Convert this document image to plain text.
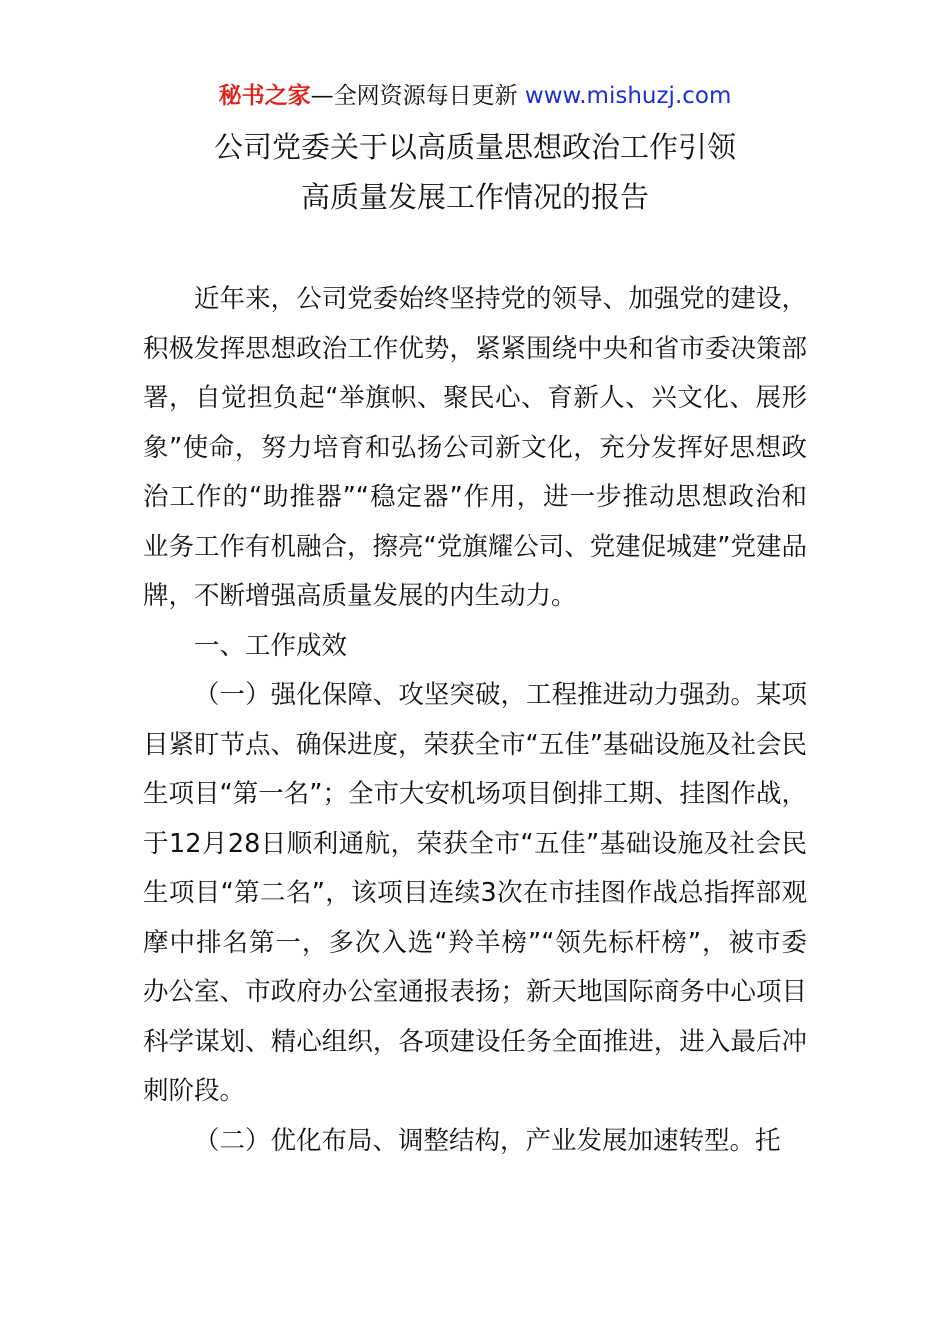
秘书之家—全网资源每日更新 www.mishuzj.com
公司党委关于以高质量思想政治工作引领
高质量发展工作情况的报告

近年来，公司党委始终坚持党的领导、加强党的建设，积极发挥思想政治工作优势，紧紧围绕中央和省市委决策部署，自觉担负起“举旗帜、聚民心、育新人、兴文化、展形象”使命，努力培育和弘扬公司新文化，充分发挥好思想政治工作的“助推器”“稳定器”作用，进一步推动思想政治和业务工作有机融合，擦亮“党旗耀公司、党建促城建”党建品牌，不断增强高质量发展的内生动力。

一、工作成效

（一）强化保障、攻坚突破，工程推进动力强劲。某项目紧盯节点、确保进度，荣获全市“五佳”基础设施及社会民生项目“第一名”；全市大安机场项目倒排工期、挂图作战，于12月28日顺利通航，荣获全市“五佳”基础设施及社会民生项目“第二名”，该项目连续3次在市挂图作战总指挥部观摩中排名第一，多次入选“羚羊榜”“领先标杆榜”，被市委办公室、市政府办公室通报表扬；新天地国际商务中心项目科学谋划、精心组织，各项建设任务全面推进，进入最后冲刺阶段。

（二）优化布局、调整结构，产业发展加速转型。托
